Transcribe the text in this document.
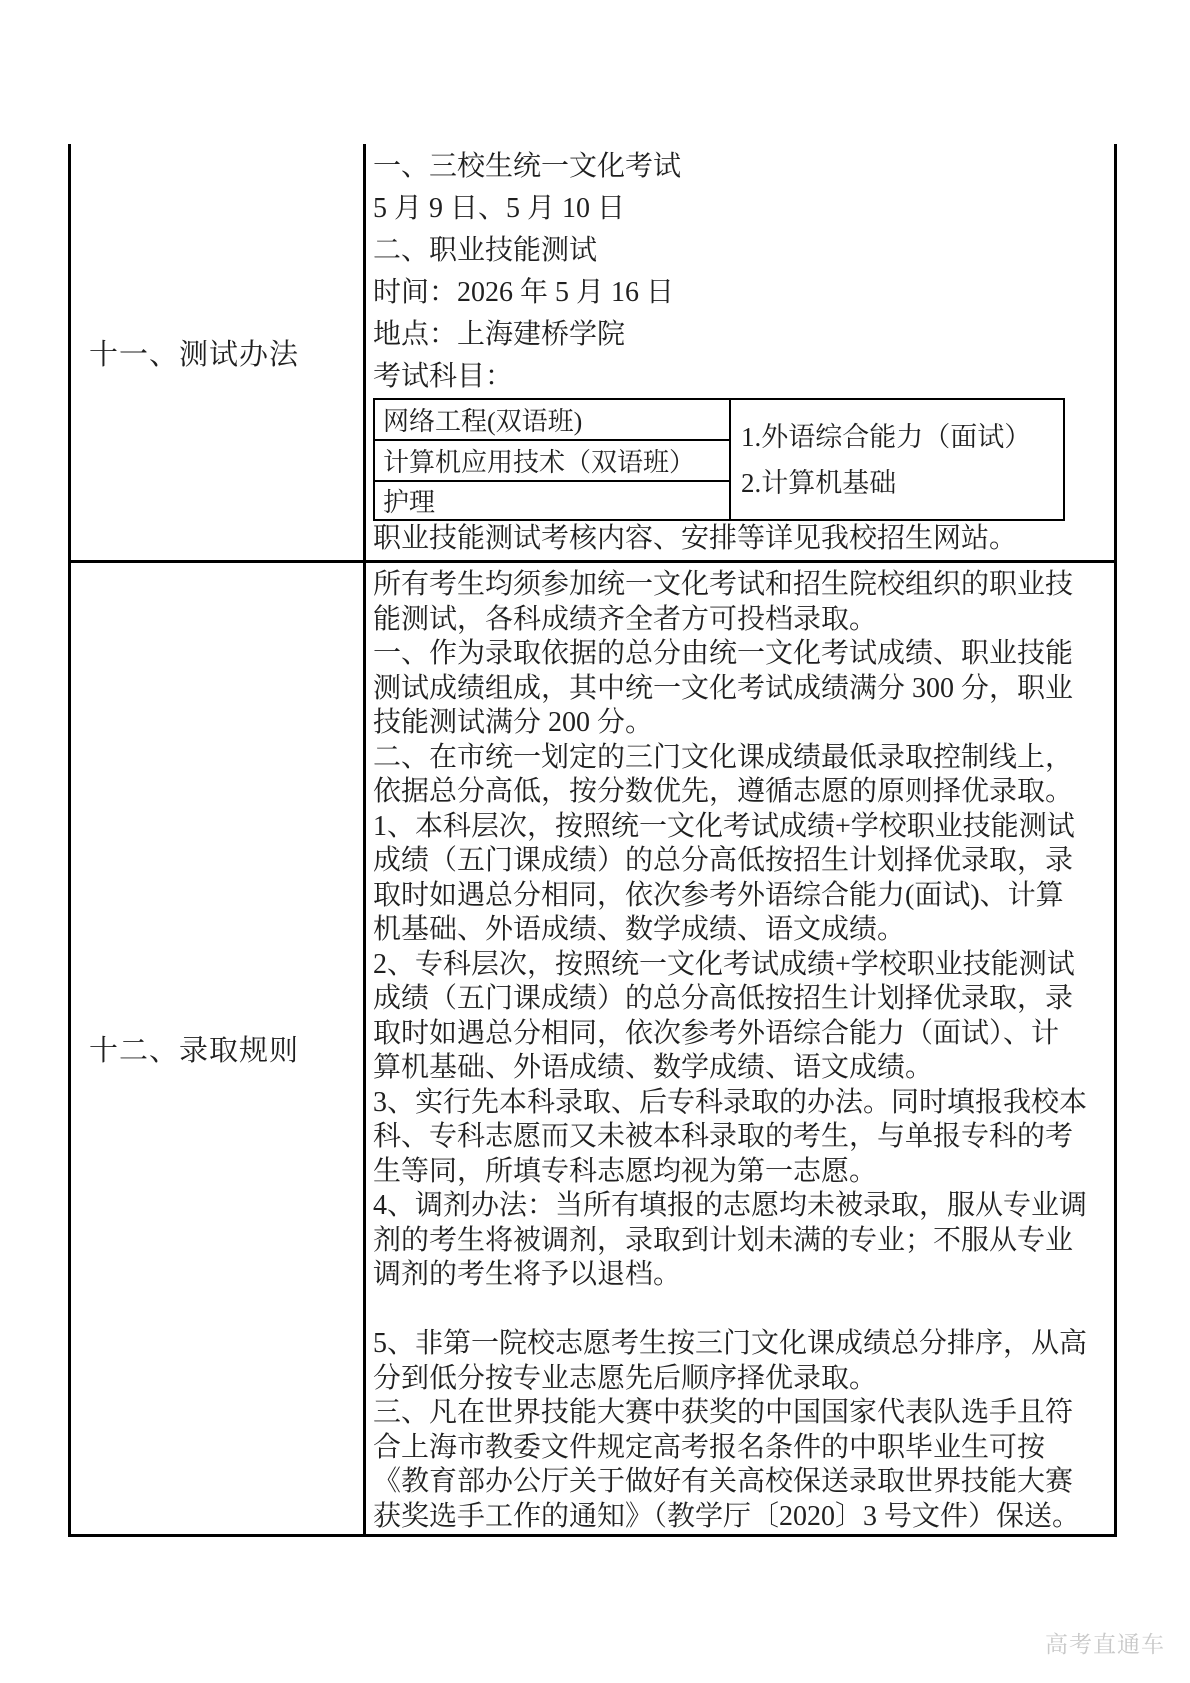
十一、测试办法
一、三校生统一文化考试
5 月 9 日、5 月 10 日
二、职业技能测试
时间：2026 年 5 月 16 日
地点：上海建桥学院
考试科目：
网络工程(双语班)
计算机应用技术（双语班）
护理
1.外语综合能力（面试）
2.计算机基础
职业技能测试考核内容、安排等详见我校招生网站。
十二、录取规则
所有考生均须参加统一文化考试和招生院校组织的职业技
能测试，各科成绩齐全者方可投档录取。
一、作为录取依据的总分由统一文化考试成绩、职业技能
测试成绩组成，其中统一文化考试成绩满分 300 分，职业
技能测试满分 200 分。
二、在市统一划定的三门文化课成绩最低录取控制线上，
依据总分高低，按分数优先，遵循志愿的原则择优录取。
1、本科层次，按照统一文化考试成绩+学校职业技能测试
成绩（五门课成绩）的总分高低按招生计划择优录取，录
取时如遇总分相同，依次参考外语综合能力(面试)、计算
机基础、外语成绩、数学成绩、语文成绩。
2、专科层次，按照统一文化考试成绩+学校职业技能测试
成绩（五门课成绩）的总分高低按招生计划择优录取，录
取时如遇总分相同，依次参考外语综合能力（面试）、计
算机基础、外语成绩、数学成绩、语文成绩。
3、实行先本科录取、后专科录取的办法。同时填报我校本
科、专科志愿而又未被本科录取的考生，与单报专科的考
生等同，所填专科志愿均视为第一志愿。
4、调剂办法：当所有填报的志愿均未被录取，服从专业调
剂的考生将被调剂，录取到计划未满的专业；不服从专业
调剂的考生将予以退档。

5、非第一院校志愿考生按三门文化课成绩总分排序，从高
分到低分按专业志愿先后顺序择优录取。
三、凡在世界技能大赛中获奖的中国国家代表队选手且符
合上海市教委文件规定高考报名条件的中职毕业生可按
《教育部办公厅关于做好有关高校保送录取世界技能大赛
获奖选手工作的通知》（教学厅〔2020〕3 号文件）保送。
高考直通车
